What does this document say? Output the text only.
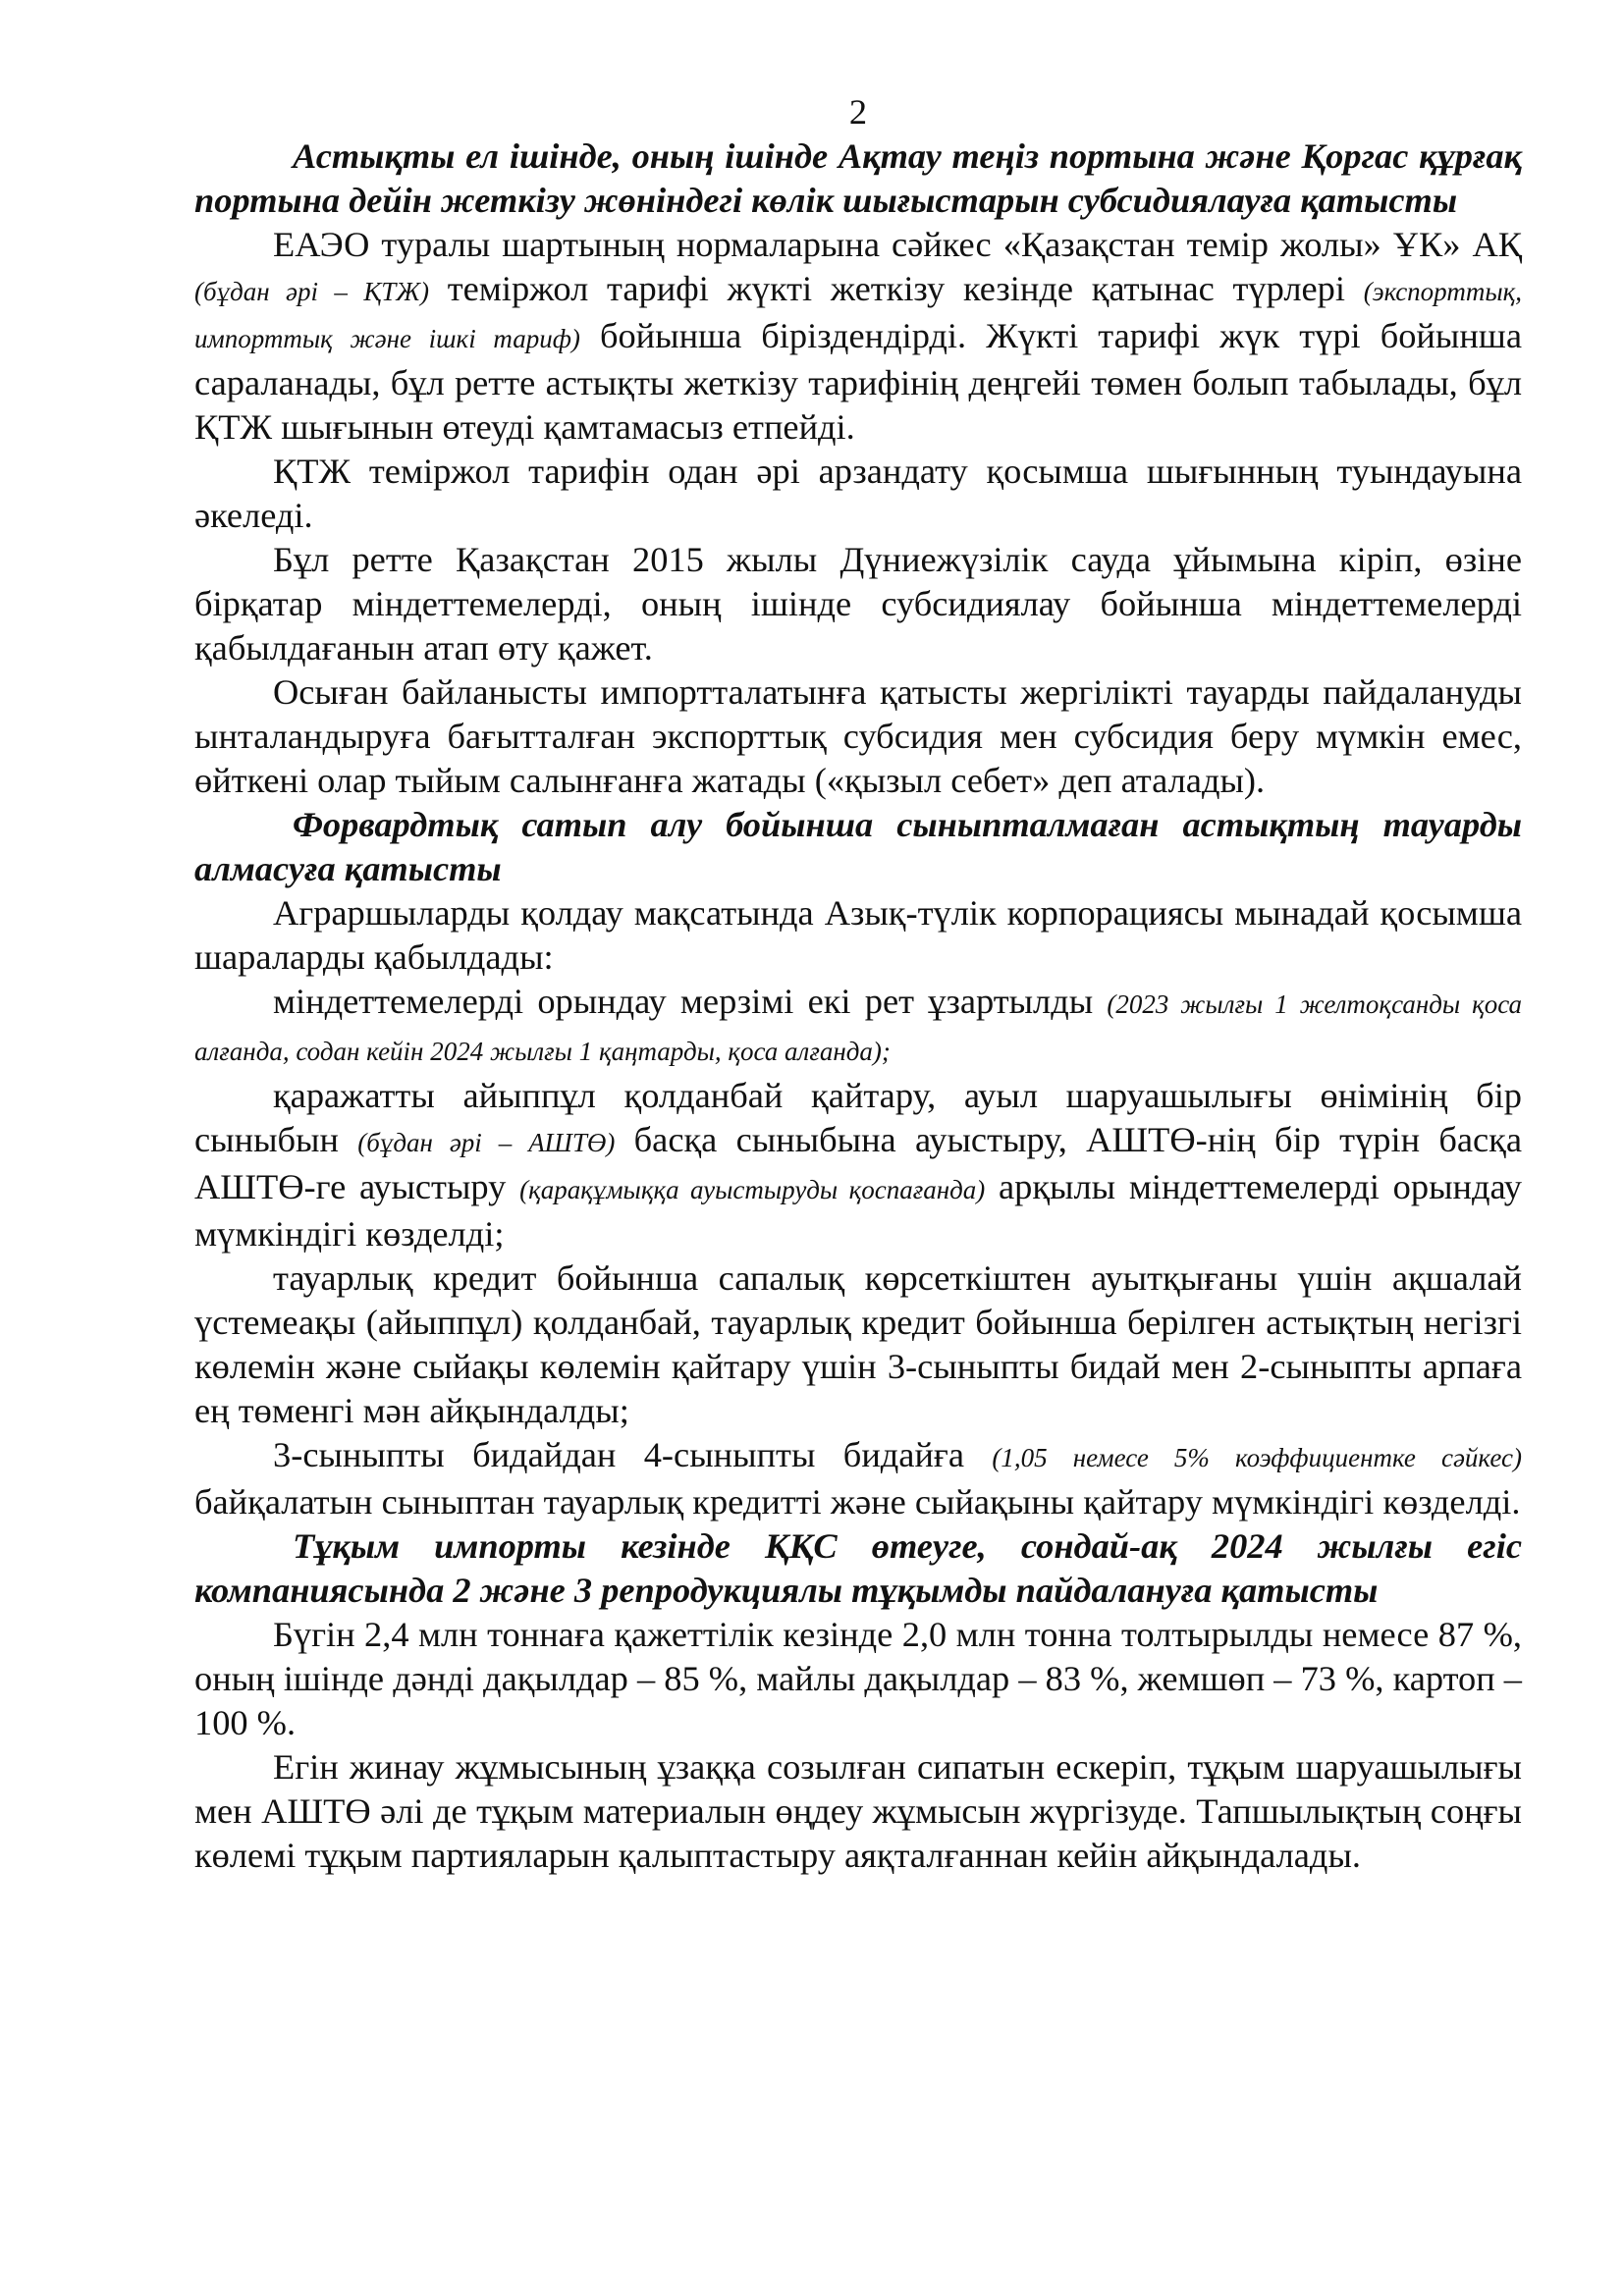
2

Астықты ел ішінде, оның ішінде Ақтау теңіз портына және Қоргас құрғақ портына дейін жеткізу жөніндегі көлік шығыстарын субсидиялауға қатысты

ЕАЭО туралы шартының нормаларына сәйкес «Қазақстан темір жолы» ҰК» АҚ (бұдан әрі – ҚТЖ) теміржол тарифі жүкті жеткізу кезінде қатынас түрлері (экспорттық, импорттық және ішкі тариф) бойынша біріздендірді. Жүкті тарифі жүк түрі бойынша сараланады, бұл ретте астықты жеткізу тарифінің деңгейі төмен болып табылады, бұл ҚТЖ шығынын өтеуді қамтамасыз етпейді.

ҚТЖ теміржол тарифін одан әрі арзандату қосымша шығынның туындауына әкеледі.

Бұл ретте Қазақстан 2015 жылы Дүниежүзілік сауда ұйымына кіріп, өзіне бірқатар міндеттемелерді, оның ішінде субсидиялау бойынша міндеттемелерді қабылдағанын атап өту қажет.

Осыған байланысты импортталатынға қатысты жергілікті тауарды пайдалануды ынталандыруға бағытталған экспорттық субсидия мен субсидия беру мүмкін емес, өйткені олар тыйым салынғанға жатады («қызыл себет» деп аталады).

Форвардтық сатып алу бойынша сыныпталмаған астықтың тауарды алмасуға қатысты

Аграршыларды қолдау мақсатында Азық-түлік корпорациясы мынадай қосымша шараларды қабылдады:

міндеттемелерді орындау мерзімі екі рет ұзартылды (2023 жылғы 1 желтоқсанды қоса алғанда, содан кейін 2024 жылғы 1 қаңтарды, қоса алғанда);

қаражатты айыппұл қолданбай қайтару, ауыл шаруашылығы өнімінің бір сыныбын (бұдан әрі – АШТӨ) басқа сыныбына ауыстыру, АШТӨ-нің бір түрін басқа АШТӨ-ге ауыстыру (қарақұмыққа ауыстыруды қоспағанда) арқылы міндеттемелерді орындау мүмкіндігі көзделді;

тауарлық кредит бойынша сапалық көрсеткіштен ауытқығаны үшін ақшалай үстемеақы (айыппұл) қолданбай, тауарлық кредит бойынша берілген астықтың негізгі көлемін және сыйақы көлемін қайтару үшін 3-сыныпты бидай мен 2-сыныпты арпаға ең төменгі мән айқындалды;

3-сыныпты бидайдан 4-сыныпты бидайға (1,05 немесе 5% коэффициентке сәйкес) байқалатын сыныптан тауарлық кредитті және сыйақыны қайтару мүмкіндігі көзделді.

Тұқым импорты кезінде ҚҚС өтеуге, сондай-ақ 2024 жылғы егіс компаниясында 2 және 3 репродукциялы тұқымды пайдалануға қатысты

Бүгін 2,4 млн тоннаға қажеттілік кезінде 2,0 млн тонна толтырылды немесе 87 %, оның ішінде дәнді дақылдар – 85 %, майлы дақылдар – 83 %, жемшөп – 73 %, картоп – 100 %.

Егін жинау жұмысының ұзаққа созылған сипатын ескеріп, тұқым шаруашылығы мен АШТӨ әлі де тұқым материалын өңдеу жұмысын жүргізуде. Тапшылықтың соңғы көлемі тұқым партияларын қалыптастыру аяқталғаннан кейін айқындалады.
